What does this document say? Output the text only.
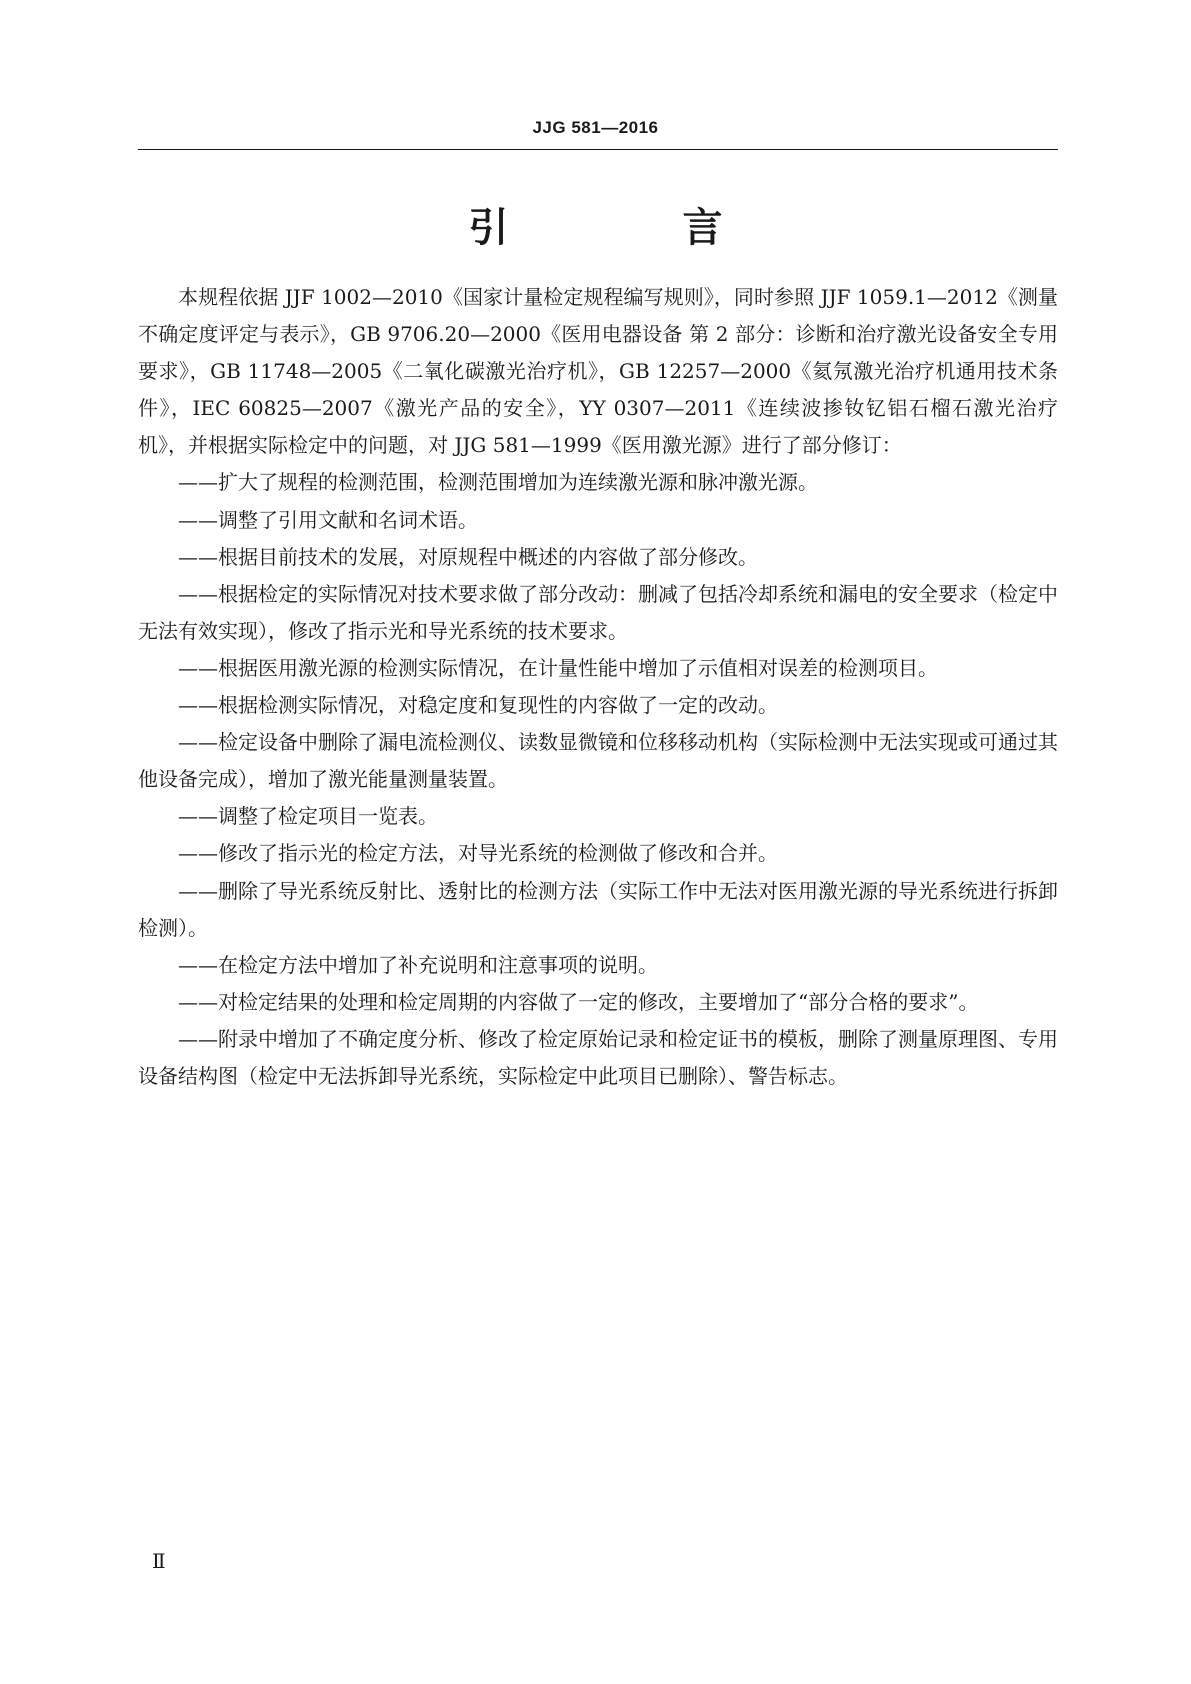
JJG 581—2016
引 言

本规程依据 JJF 1002—2010《国家计量检定规程编写规则》，同时参照 JJF 1059.1—2012《测量不确定度评定与表示》，GB 9706.20—2000《医用电器设备 第 2 部分：诊断和治疗激光设备安全专用要求》，GB 11748—2005《二氧化碳激光治疗机》，GB 12257—2000《氦氖激光治疗机通用技术条件》，IEC 60825—2007《激光产品的安全》，YY 0307—2011《连续波掺钕钇铝石榴石激光治疗机》，并根据实际检定中的问题，对 JJG 581—1999《医用激光源》进行了部分修订：

——扩大了规程的检测范围，检测范围增加为连续激光源和脉冲激光源。

——调整了引用文献和名词术语。

——根据目前技术的发展，对原规程中概述的内容做了部分修改。

——根据检定的实际情况对技术要求做了部分改动：删减了包括冷却系统和漏电的安全要求（检定中无法有效实现），修改了指示光和导光系统的技术要求。

——根据医用激光源的检测实际情况，在计量性能中增加了示值相对误差的检测项目。

——根据检测实际情况，对稳定度和复现性的内容做了一定的改动。

——检定设备中删除了漏电流检测仪、读数显微镜和位移移动机构（实际检测中无法实现或可通过其他设备完成），增加了激光能量测量装置。

——调整了检定项目一览表。

——修改了指示光的检定方法，对导光系统的检测做了修改和合并。

——删除了导光系统反射比、透射比的检测方法（实际工作中无法对医用激光源的导光系统进行拆卸检测）。

——在检定方法中增加了补充说明和注意事项的说明。

——对检定结果的处理和检定周期的内容做了一定的修改，主要增加了“部分合格的要求”。

——附录中增加了不确定度分析、修改了检定原始记录和检定证书的模板，删除了测量原理图、专用设备结构图（检定中无法拆卸导光系统，实际检定中此项目已删除）、警告标志。

Ⅱ
